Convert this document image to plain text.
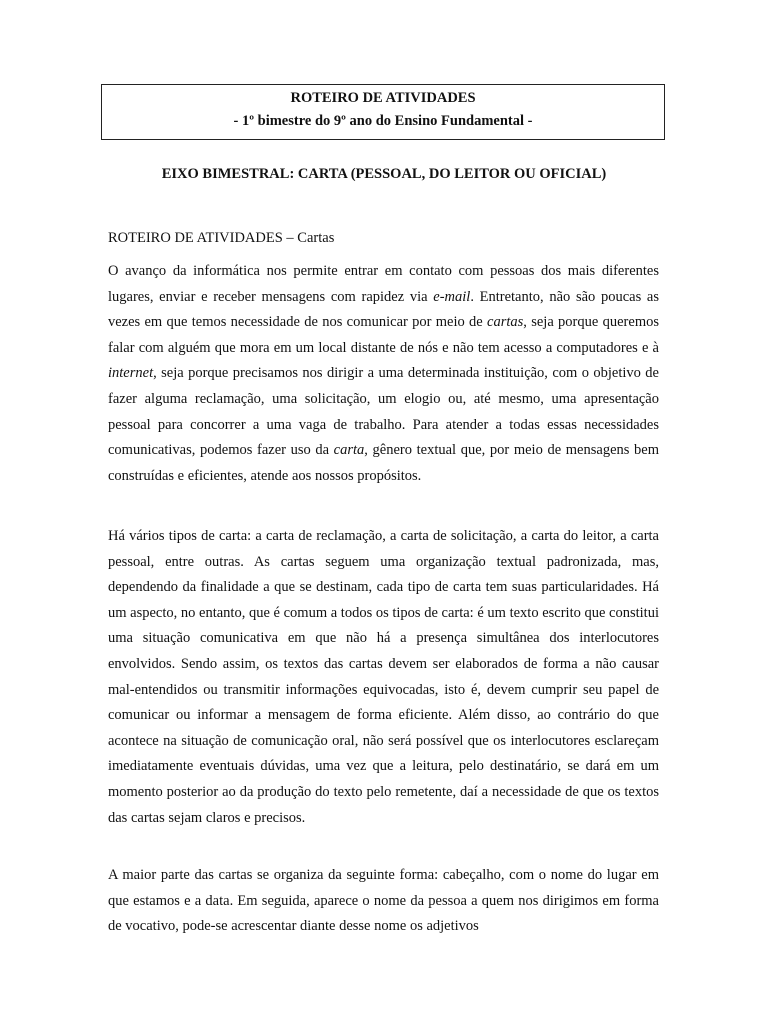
ROTEIRO DE ATIVIDADES
- 1º bimestre do 9º ano do Ensino Fundamental -
EIXO BIMESTRAL: CARTA (PESSOAL, DO LEITOR OU OFICIAL)
ROTEIRO DE ATIVIDADES – Cartas

O avanço da informática nos permite entrar em contato com pessoas dos mais diferentes lugares, enviar e receber mensagens com rapidez via e-mail. Entretanto, não são poucas as vezes em que temos necessidade de nos comunicar por meio de cartas, seja porque queremos falar com alguém que mora em um local distante de nós e não tem acesso a computadores e à internet, seja porque precisamos nos dirigir a uma determinada instituição, com o objetivo de fazer alguma reclamação, uma solicitação, um elogio ou, até mesmo, uma apresentação pessoal para concorrer a uma vaga de trabalho. Para atender a todas essas necessidades comunicativas, podemos fazer uso da carta, gênero textual que, por meio de mensagens bem construídas e eficientes, atende aos nossos propósitos.

Há vários tipos de carta: a carta de reclamação, a carta de solicitação, a carta do leitor, a carta pessoal, entre outras. As cartas seguem uma organização textual padronizada, mas, dependendo da finalidade a que se destinam, cada tipo de carta tem suas particularidades. Há um aspecto, no entanto, que é comum a todos os tipos de carta: é um texto escrito que constitui uma situação comunicativa em que não há a presença simultânea dos interlocutores envolvidos. Sendo assim, os textos das cartas devem ser elaborados de forma a não causar mal-entendidos ou transmitir informações equivocadas, isto é, devem cumprir seu papel de comunicar ou informar a mensagem de forma eficiente. Além disso, ao contrário do que acontece na situação de comunicação oral, não será possível que os interlocutores esclareçam imediatamente eventuais dúvidas, uma vez que a leitura, pelo destinatário, se dará em um momento posterior ao da produção do texto pelo remetente, daí a necessidade de que os textos das cartas sejam claros e precisos.

A maior parte das cartas se organiza da seguinte forma: cabeçalho, com o nome do lugar em que estamos e a data. Em seguida, aparece o nome da pessoa a quem nos dirigimos em forma de vocativo, pode-se acrescentar diante desse nome os adjetivos
